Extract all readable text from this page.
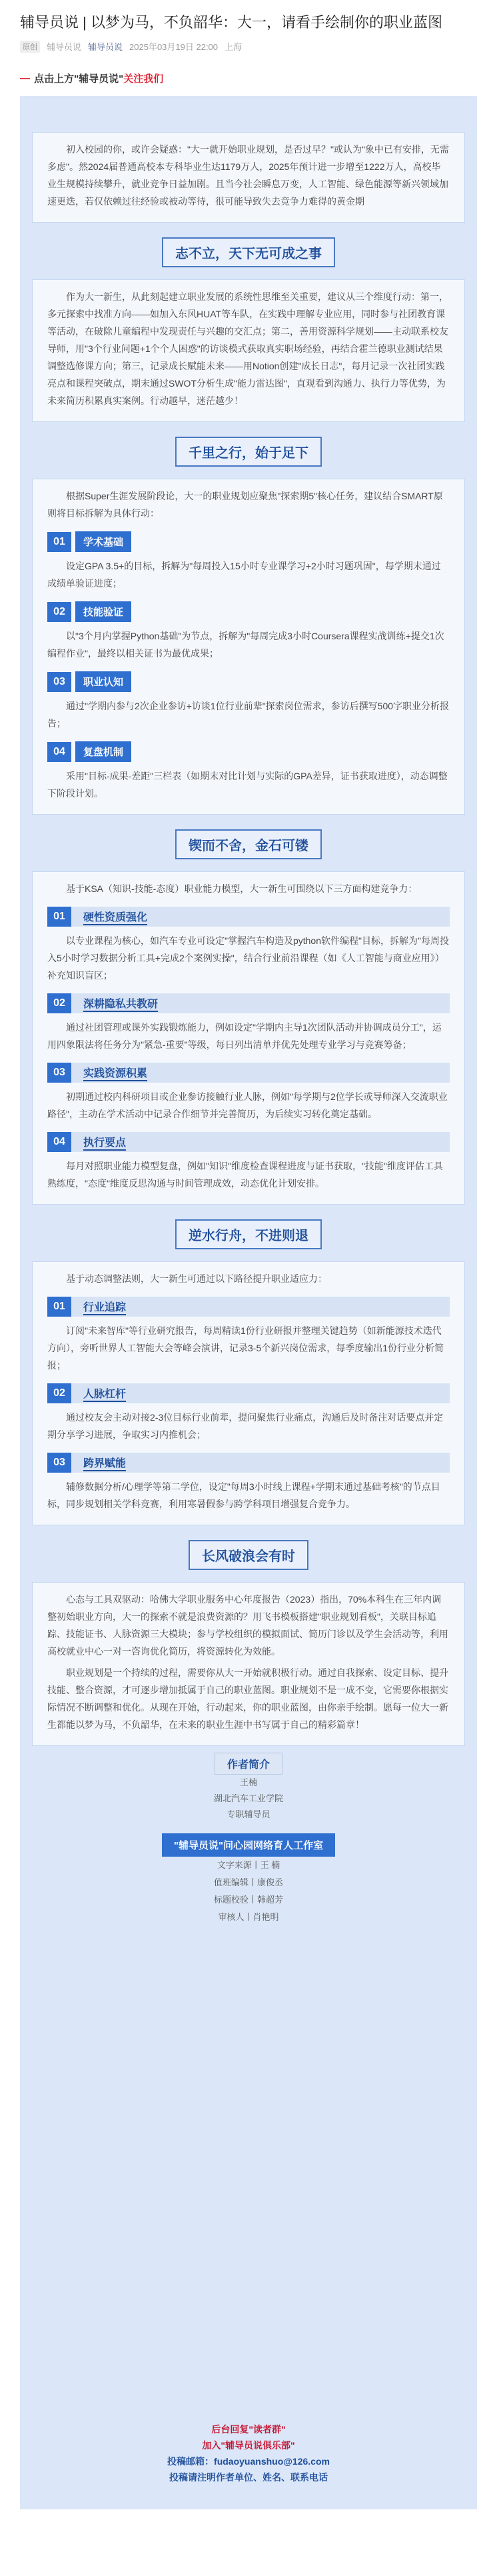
辅导员说 | 以梦为马，不负韶华：大一，请看手绘制你的职业蓝图
原创	辅导员说 辅导员说 2025年03月19日 22:00 上海
— 点击上方"辅导员说" 关注我们

初入校园的你，或许会疑惑："大一就开始职业规划，是否过早？"或认为"象中已有安排，无需多虑"。然2024届普通高校本专科毕业生达1179万人，2025年预计进一步增至1222万人，高校毕业生规模持续攀升，就业竞争日益加剧。且当今社会瞬息万变，人工智能、绿色能源等新兴领域加速更迭，若仅依赖过往经验或被动等待，很可能导致失去竞争力难得的黄金期

志不立，天下无可成之事

作为大一新生，从此刻起建立职业发展的系统性思维至关重要，建议从三个维度行动：第一，多元探索中找准方向——如加入东风HUAT等车队，在实践中理解专业应用，同时参与社团教育课等活动，在破除儿童编程中发现责任与兴趣的交汇点；第二，善用资源科学规划——主动联系校友导师，用"3个行业问题+1个个人困惑"的访谈模式获取真实职场经验，再结合霍兰德职业测试结果调整选修课方向；第三，记录成长赋能未来——用Notion创建"成长日志"，每月记录一次社团实践亮点和课程突破点，期末通过SWOT分析生成"能力雷达图"，直观看到沟通力、执行力等优势，为未来简历积累真实案例。行动越早，迷茫越少！

千里之行，始于足下

根据Super生涯发展阶段论，大一的职业规划应聚焦"探索期5"核心任务，建议结合SMART原则将目标拆解为具体行动：

01	学术基础

设定GPA 3.5+的目标，拆解为"每周投入15小时专业课学习+2小时习题巩固"，每学期末通过成绩单验证进度；

02	技能验证

以"3个月内掌握Python基础"为节点，拆解为"每周完成3小时Coursera课程实战训练+提交1次编程作业"，最终以相关证书为最优成果；

03	职业认知

通过"学期内参与2次企业参访+访谈1位行业前辈"探索岗位需求，参访后撰写500字职业分析报告；

04	复盘机制

采用"目标-成果-差距"三栏表（如期末对比计划与实际的GPA差异，证书获取进度），动态调整下阶段计划。

锲而不舍，金石可镂

基于KSA（知识-技能-态度）职业能力模型，大一新生可围绕以下三方面构建竞争力：

01	硬性资质强化

以专业课程为核心，如汽车专业可设定"掌握汽车构造及python软件编程"目标，拆解为"每周投入5小时学习数据分析工具+完成2个案例实操"，结合行业前沿课程（如《人工智能与商业应用》）补充知识盲区；

02	深耕隐私共教研

通过社团管理或课外实践锻炼能力，例如设定"学期内主导1次团队活动并协调成员分工"，运用四象限法将任务分为"紧急-重要"等级，每日列出清单并优先处理专业学习与竞赛筹备；

03	实践资源积累

初期通过校内科研项目或企业参访接触行业人脉，例如"每学期与2位学长或导师深入交流职业路径"，主动在学术活动中记录合作细节并完善简历，为后续实习转化奠定基础。

04	执行要点

每月对照职业能力模型复盘，例如"知识"维度检查课程进度与证书获取，"技能"维度评估工具熟练度，"态度"维度反思沟通与时间管理成效，动态优化计划安排。

逆水行舟，不进则退

基于动态调整法则，大一新生可通过以下路径提升职业适应力：

01	行业追踪

订阅"未来智库"等行业研究报告，每周精读1份行业研报并整理关键趋势（如新能源技术迭代方向），旁听世界人工智能大会等峰会演讲，记录3-5个新兴岗位需求，每季度输出1份行业分析简报；

02	人脉杠杆

通过校友会主动对接2-3位目标行业前辈，提问聚焦行业痛点，沟通后及时备注对话要点并定期分享学习进展，争取实习内推机会；

03	跨界赋能

辅修数据分析/心理学等第二学位，设定"每周3小时线上课程+学期末通过基础考核"的节点目标，同步规划相关学科竞赛，利用寒暑假参与跨学科项目增强复合竞争力。

长风破浪会有时

心态与工具双驱动：哈佛大学职业服务中心年度报告（2023）指出，70%本科生在三年内调整初始职业方向，大一的探索不就是浪费资源的？用飞书模板搭建"职业规划看板"，关联目标追踪、技能证书、人脉资源三大模块；参与学校组织的模拟面试、简历门诊以及学生会活动等，利用高校就业中心一对一咨询优化简历，将资源转化为效能。

职业规划是一个持续的过程，需要你从大一开始就积极行动。通过自我探索、设定目标、提升技能、整合资源，才可逐步增加抵属于自己的职业蓝图。职业规划不是一成不变，它需要你根据实际情况不断调整和优化。从现在开始，行动起来，你的职业蓝图，由你亲手绘制。愿每一位大一新生都能以梦为马，不负韶华，在未来的职业生涯中书写属于自己的精彩篇章！

作者简介
王楠
湖北汽车工业学院
专职辅导员
"辅导员说"问心园网络育人工作室
文字来源丨王 楠
值班编辑丨康俊丞
标题校验丨韩超芳
审核人丨肖艳明
后台回复"读者群"
加入"辅导员说俱乐部"
投稿邮箱：fudaoyuanshuo@126.com
投稿请注明作者单位、姓名、联系电话
